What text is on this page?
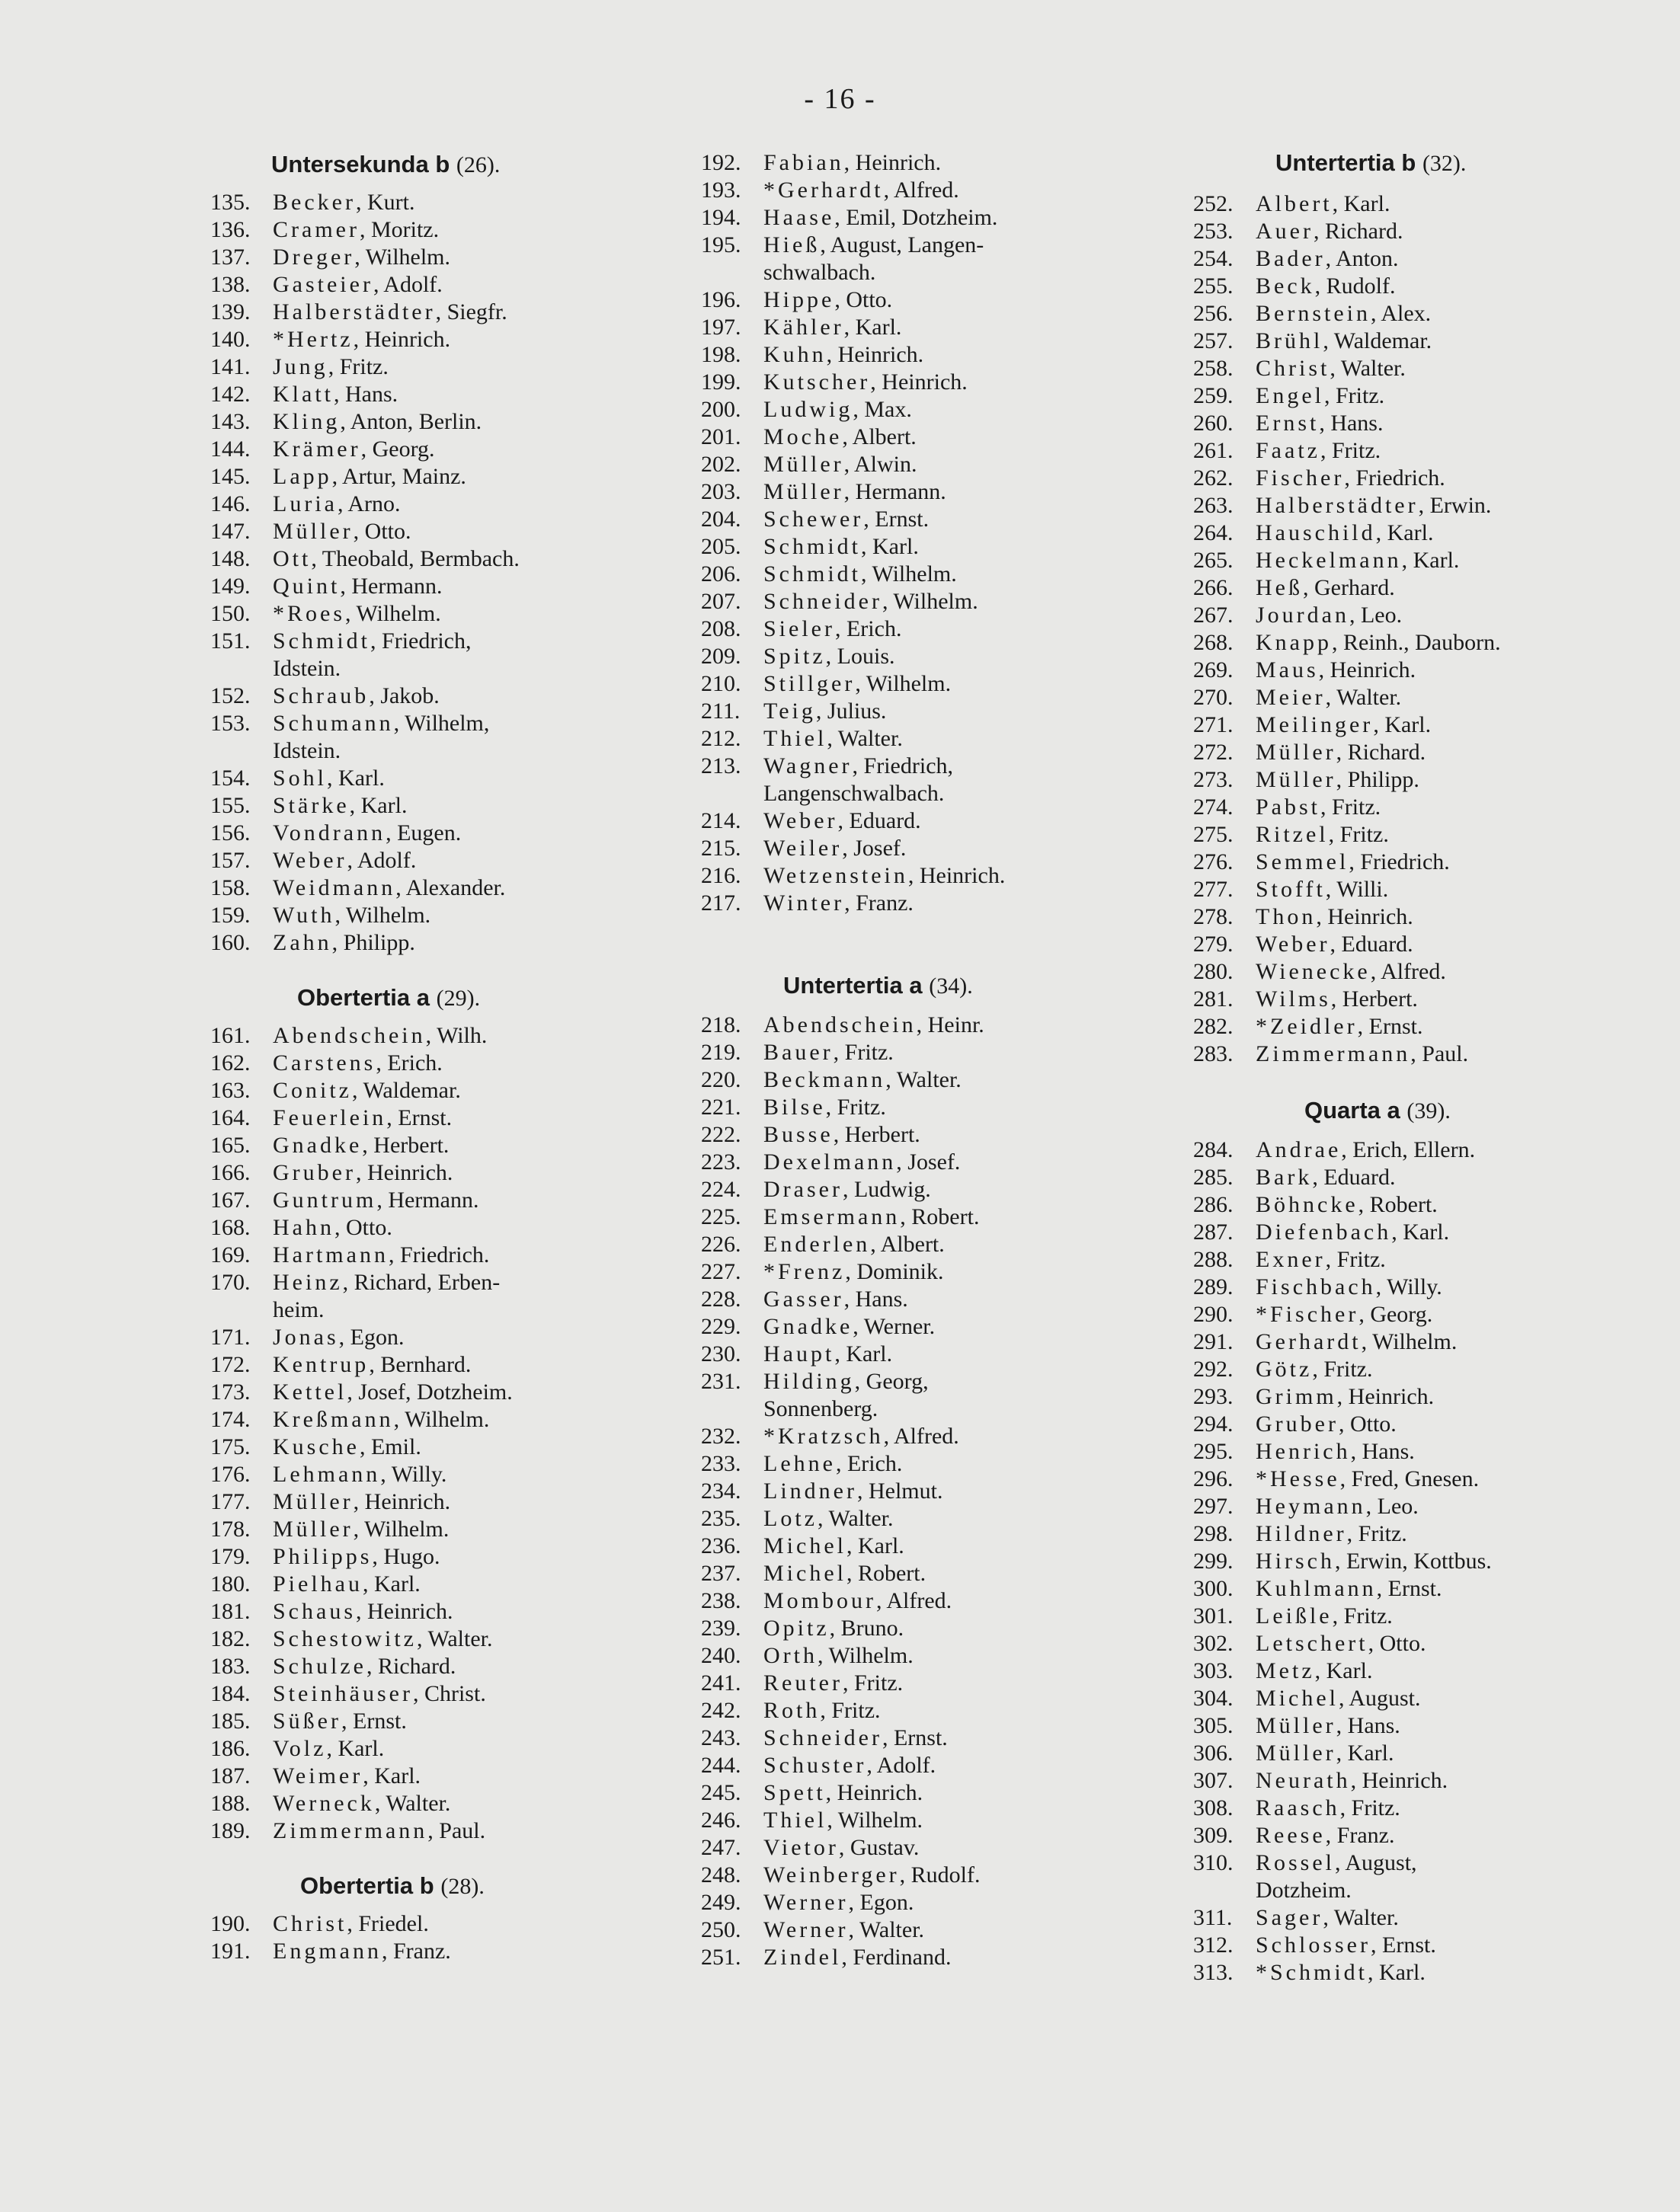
- 16 -
Untersekunda b (26).
135. Becker, Kurt.
136. Cramer, Moritz.
137. Dreger, Wilhelm.
138. Gasteier, Adolf.
139. Halberstädter, Siegfr.
140. *Hertz, Heinrich.
141. Jung, Fritz.
142. Klatt, Hans.
143. Kling, Anton, Berlin.
144. Krämer, Georg.
145. Lapp, Artur, Mainz.
146. Luria, Arno.
147. Müller, Otto.
148. Ott, Theobald, Bermbach.
149. Quint, Hermann.
150. *Roes, Wilhelm.
151. Schmidt, Friedrich,
Idstein.
152. Schraub, Jakob.
153. Schumann, Wilhelm,
Idstein.
154. Sohl, Karl.
155. Stärke, Karl.
156. Vondrann, Eugen.
157. Weber, Adolf.
158. Weidmann, Alexander.
159. Wuth, Wilhelm.
160. Zahn, Philipp.
Obertertia a (29).
161. Abendschein, Wilh.
162. Carstens, Erich.
163. Conitz, Waldemar.
164. Feuerlein, Ernst.
165. Gnadke, Herbert.
166. Gruber, Heinrich.
167. Guntrum, Hermann.
168. Hahn, Otto.
169. Hartmann, Friedrich.
170. Heinz, Richard, Erben-
heim.
171. Jonas, Egon.
172. Kentrup, Bernhard.
173. Kettel, Josef, Dotzheim.
174. Kreßmann, Wilhelm.
175. Kusche, Emil.
176. Lehmann, Willy.
177. Müller, Heinrich.
178. Müller, Wilhelm.
179. Philipps, Hugo.
180. Pielhau, Karl.
181. Schaus, Heinrich.
182. Schestowitz, Walter.
183. Schulze, Richard.
184. Steinhäuser, Christ.
185. Süßer, Ernst.
186. Volz, Karl.
187. Weimer, Karl.
188. Werneck, Walter.
189. Zimmermann, Paul.
Obertertia b (28).
190. Christ, Friedel.
191. Engmann, Franz.
192. Fabian, Heinrich.
193. *Gerhardt, Alfred.
194. Haase, Emil, Dotzheim.
195. Hieß, August, Langen-
schwalbach.
196. Hippe, Otto.
197. Kähler, Karl.
198. Kuhn, Heinrich.
199. Kutscher, Heinrich.
200. Ludwig, Max.
201. Moche, Albert.
202. Müller, Alwin.
203. Müller, Hermann.
204. Schewer, Ernst.
205. Schmidt, Karl.
206. Schmidt, Wilhelm.
207. Schneider, Wilhelm.
208. Sieler, Erich.
209. Spitz, Louis.
210. Stillger, Wilhelm.
211.	Teig, Julius.
212. Thiel, Walter.
213. Wagner, Friedrich,
Langenschwalbach.
214. Weber, Eduard.
215. Weiler, Josef.
216. Wetzenstein, Heinrich.
217. Winter, Franz.
Untertertia a (34).
218. Abendschein, Heinr.
219. Bauer, Fritz.
220. Beckmann, Walter.
221. Bilse, Fritz.
222. Busse, Herbert.
223. Dexelmann, Josef.
224. Draser, Ludwig.
225. Emsermann, Robert.
226. Enderlen, Albert.
227. *Frenz, Dominik.
228. Gasser, Hans.
229. Gnadke, Werner.
230. Haupt, Karl.
231. Hilding, Georg,
Sonnenberg.
232. *Kratzsch, Alfred.
233. Lehne, Erich.
234. Lindner, Helmut.
235. Lotz, Walter.
236. Michel, Karl.
237. Michel, Robert.
238. Mombour, Alfred.
239. Opitz, Bruno.
240. Orth, Wilhelm.
241. Reuter, Fritz.
242. Roth, Fritz.
243. Schneider, Ernst.
244. Schuster, Adolf.
245. Spett, Heinrich.
246. Thiel, Wilhelm.
247. Vietor, Gustav.
248. Weinberger, Rudolf.
249. Werner, Egon.
250. Werner, Walter.
251. Zindel, Ferdinand.
Untertertia b (32).
252. Albert, Karl.
253. Auer, Richard.
254. Bader, Anton.
255. Beck, Rudolf.
256. Bernstein, Alex.
257. Brühl, Waldemar.
258. Christ, Walter.
259. Engel, Fritz.
260. Ernst, Hans.
261. Faatz, Fritz.
262. Fischer, Friedrich.
263. Halberstädter, Erwin.
264. Hauschild, Karl.
265. Heckelmann, Karl.
266. Heß, Gerhard.
267. Jourdan, Leo.
268. Knapp, Reinh., Dauborn.
269. Maus, Heinrich.
270. Meier, Walter.
271. Meilinger, Karl.
272. Müller, Richard.
273. Müller, Philipp.
274. Pabst, Fritz.
275. Ritzel, Fritz.
276. Semmel, Friedrich.
277. Stofft, Willi.
278. Thon, Heinrich.
279. Weber, Eduard.
280. Wienecke, Alfred.
281. Wilms, Herbert.
282. *Zeidler, Ernst.
283. Zimmermann, Paul.
Quarta a (39).
284. Andrae, Erich, Ellern.
285. Bark, Eduard.
286. Böhncke, Robert.
287. Diefenbach, Karl.
288. Exner, Fritz.
289. Fischbach, Willy.
290. *Fischer, Georg.
291. Gerhardt, Wilhelm.
292. Götz, Fritz.
293. Grimm, Heinrich.
294. Gruber, Otto.
295. Henrich, Hans.
296. *Hesse, Fred, Gnesen.
297. Heymann, Leo.
298. Hildner, Fritz.
299. Hirsch, Erwin, Kottbus.
300. Kuhlmann, Ernst.
301. Leißle, Fritz.
302. Letschert, Otto.
303. Metz, Karl.
304. Michel, August.
305. Müller, Hans.
306. Müller, Karl.
307. Neurath, Heinrich.
308. Raasch, Fritz.
309. Reese, Franz.
310. Rossel, August,
Dotzheim.
311.	Sager, Walter.
312. Schlosser, Ernst.
313. *Schmidt, Karl.
